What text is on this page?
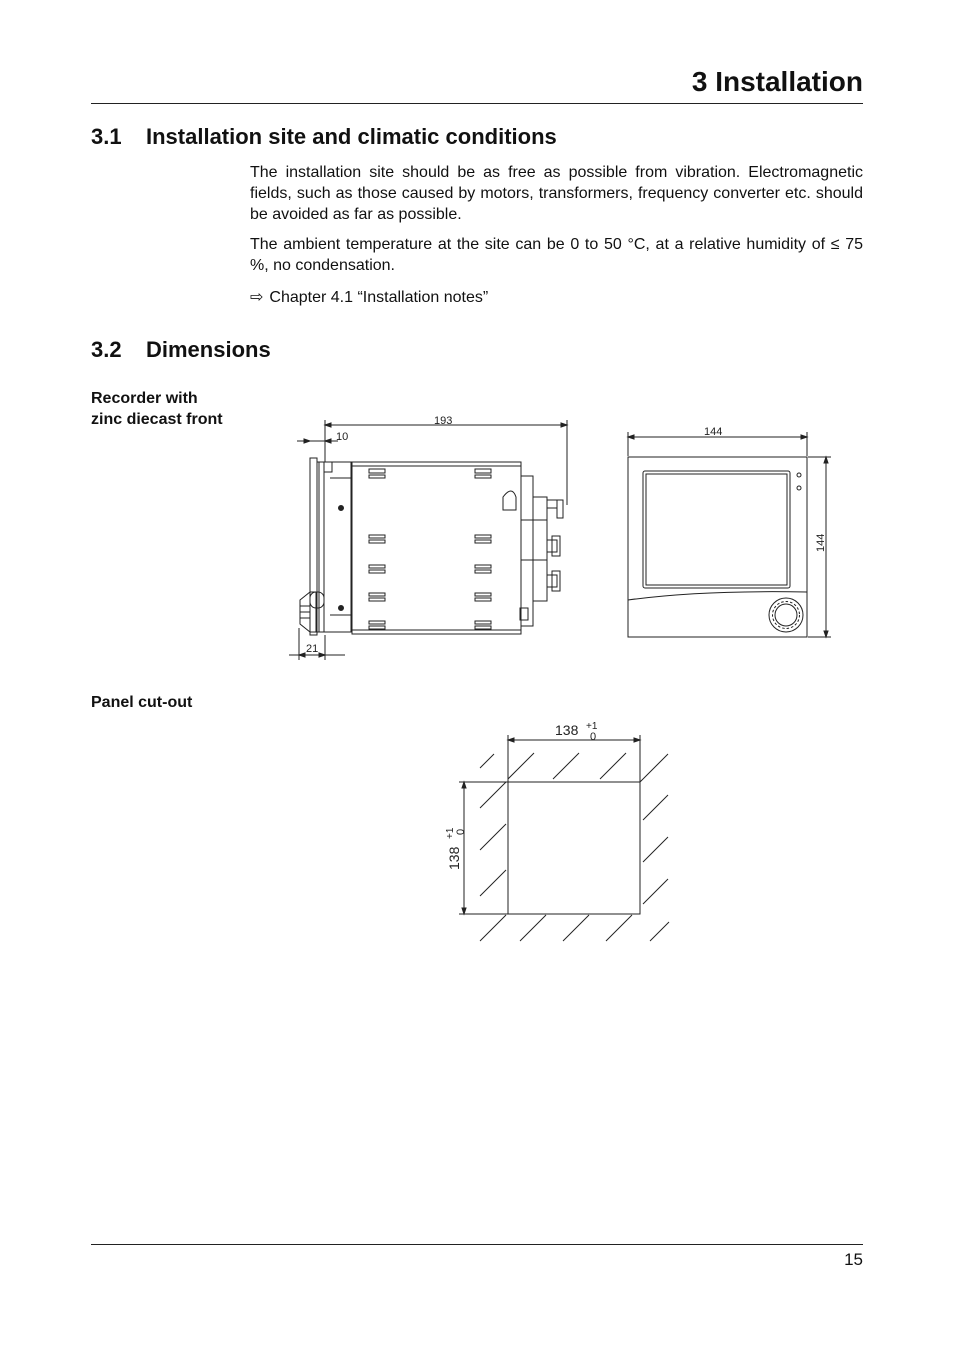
3 Installation
3.1 Installation site and climatic conditions
The installation site should be as free as possible from vibration. Electromagnetic fields, such as those caused by motors, transformers, frequency converter etc. should be avoided as far as possible.
The ambient temperature at the site can be 0 to 50 °C, at a relative humidity of ≤ 75 %, no condensation.
⇨ Chapter 4.1 “Installation notes”
3.2 Dimensions
Recorder with zinc diecast front
Panel cut-out
193
10
21
144
144
138 +1
0
138
+1 0
15
